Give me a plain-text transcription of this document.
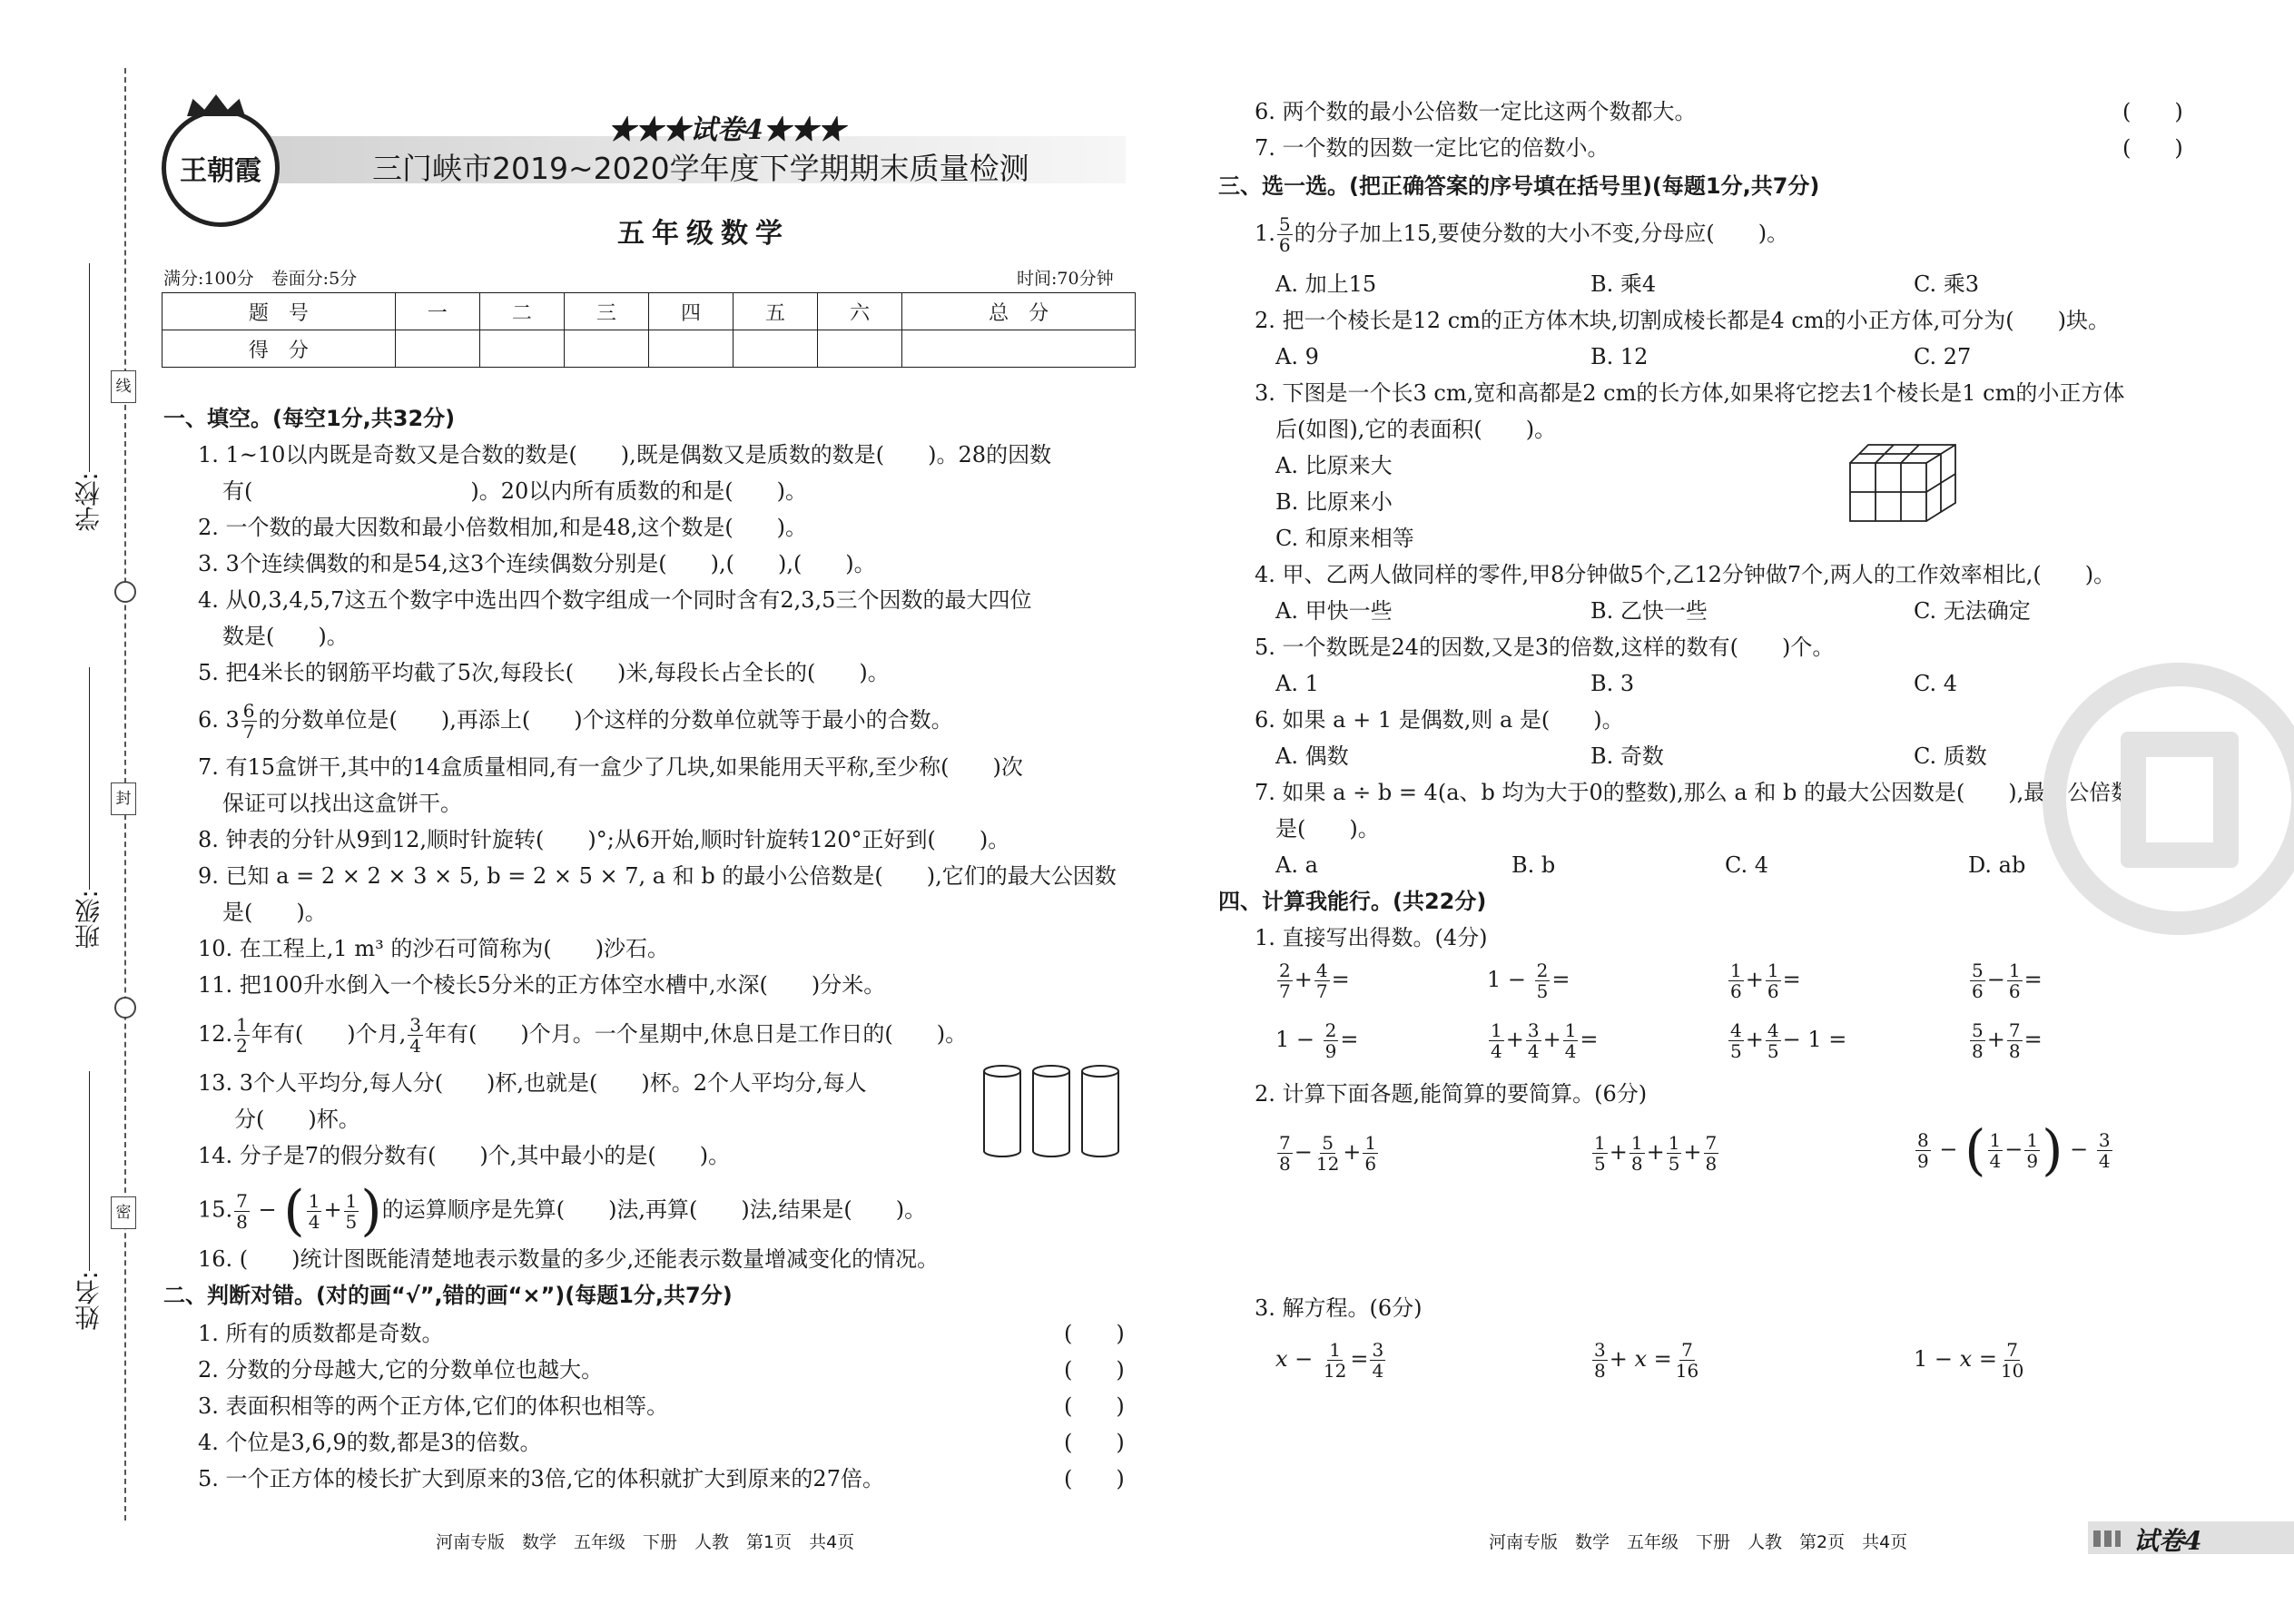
王朝霞
★★★试卷4★★★
三门峡市2019~2020学年度下学期期末质量检测
五年级数学
满分:100分　卷面分:5分	时间:70分钟
题　号	一	二	三	四	五	六	总　分
得　分							
线
封
密
学校:
班级:
姓名:
一、填空。(每空1分,共32分)
1. 1~10以内既是奇数又是合数的数是(　　),既是偶数又是质数的数是(　　)。28的因数
有(　　　　　　　　　　)。20以内所有质数的和是(　　)。
2. 一个数的最大因数和最小倍数相加,和是48,这个数是(　　)。
3. 3个连续偶数的和是54,这3个连续偶数分别是(　　),(　　),(　　)。
4. 从0,3,4,5,7这五个数字中选出四个数字组成一个同时含有2,3,5三个因数的最大四位
数是(　　)。
5. 把4米长的钢筋平均截了5次,每段长(　　)米,每段长占全长的(　　)。
6. $3 \frac{6}{7}$ 的分数单位是(　　),再添上(　　)个这样的分数单位就等于最小的合数。
7. 有15盒饼干,其中的14盒质量相同,有一盒少了几块,如果能用天平称,至少称(　　)次
保证可以找出这盒饼干。
8. 钟表的分针从9到12,顺时针旋转(　　)°;从6开始,顺时针旋转120°正好到(　　)。
9. 已知 a = 2 × 2 × 3 × 5, b = 2 × 5 × 7, a 和 b 的最小公倍数是(　　),它们的最大公因数
是(　　)。
10. 在工程上,1 m³ 的沙石可简称为(　　)沙石。
11. 把100升水倒入一个棱长5分米的正方体空水槽中,水深(　　)分米。
12. $\frac{1}{2}$ 年有(　　)个月, $\frac{3}{4}$ 年有(　　)个月。一个星期中,休息日是工作日的(　　)。
13. 3个人平均分,每人分(　　)杯,也就是(　　)杯。2个人平均分,每人
分(　　)杯。
14. 分子是7的假分数有(　　)个,其中最小的是(　　)。
15. $\frac{7}{8}$ − ( $\frac{1}{4} + \frac{1}{5}$ )的运算顺序是先算(　　)法,再算(　　)法,结果是(　　)。
16. (　　)统计图既能清楚地表示数量的多少,还能表示数量增减变化的情况。
二、判断对错。(对的画“√”,错的画“×”)(每题1分,共7分)
1. 所有的质数都是奇数。	(　　)
2. 分数的分母越大,它的分数单位也越大。	(　　)
3. 表面积相等的两个正方体,它们的体积也相等。	(　　)
4. 个位是3,6,9的数,都是3的倍数。	(　　)
5. 一个正方体的棱长扩大到原来的3倍,它的体积就扩大到原来的27倍。	(　　)
河南专版　数学　五年级　下册　人教　第1页　共4页
6. 两个数的最小公倍数一定比这两个数都大。	(　　)
7. 一个数的因数一定比它的倍数小。	(　　)
三、选一选。(把正确答案的序号填在括号里)(每题1分,共7分)
1. $\frac{5}{6}$ 的分子加上15,要使分数的大小不变,分母应(　　)。
A. 加上15	B. 乘4	C. 乘3
2. 把一个棱长是12 cm的正方体木块,切割成棱长都是4 cm的小正方体,可分为(　　)块。
A. 9	B. 12	C. 27
3. 下图是一个长3 cm,宽和高都是2 cm的长方体,如果将它挖去1个棱长是1 cm的小正方体
后(如图),它的表面积(　　)。
A. 比原来大
B. 比原来小
C. 和原来相等
4. 甲、乙两人做同样的零件,甲8分钟做5个,乙12分钟做7个,两人的工作效率相比,(　　)。
A. 甲快一些	B. 乙快一些	C. 无法确定
5. 一个数既是24的因数,又是3的倍数,这样的数有(　　)个。
A. 1	B. 3	C. 4
6. 如果 a + 1 是偶数,则 a 是(　　)。
A. 偶数	B. 奇数	C. 质数
7. 如果 a ÷ b = 4(a、b 均为大于0的整数),那么 a 和 b 的最大公因数是(　　),最小公倍数
是(　　)。
A. a	B. b	C. 4	D. ab
四、计算我能行。(共22分)
1. 直接写出得数。(4分)
$\frac{2}{7} + \frac{4}{7}$ =	$1 - \frac{2}{5}$ =	$\frac{1}{6} + \frac{1}{6}$ =	$\frac{5}{6} - \frac{1}{6}$ =
$1 - \frac{2}{9}$ =	$\frac{1}{4} + \frac{3}{4} + \frac{1}{4}$ =	$\frac{4}{5} + \frac{4}{5} - 1$ =	$\frac{5}{8} + \frac{7}{8}$ =
2. 计算下面各题,能简算的要简算。(6分)
$\frac{7}{8} - \frac{5}{12} + \frac{1}{6}$	$\frac{1}{5} + \frac{1}{8} + \frac{1}{5} + \frac{7}{8}$	$\frac{8}{9}$ − ( $\frac{1}{4} - \frac{1}{9}$ ) − $\frac{3}{4}$
3. 解方程。(6分)
$x - \frac{1}{12} = \frac{3}{4}$	$\frac{3}{8} + x = \frac{7}{16}$	$1 - x = \frac{7}{10}$
河南专版　数学　五年级　下册　人教　第2页　共4页	试卷4
